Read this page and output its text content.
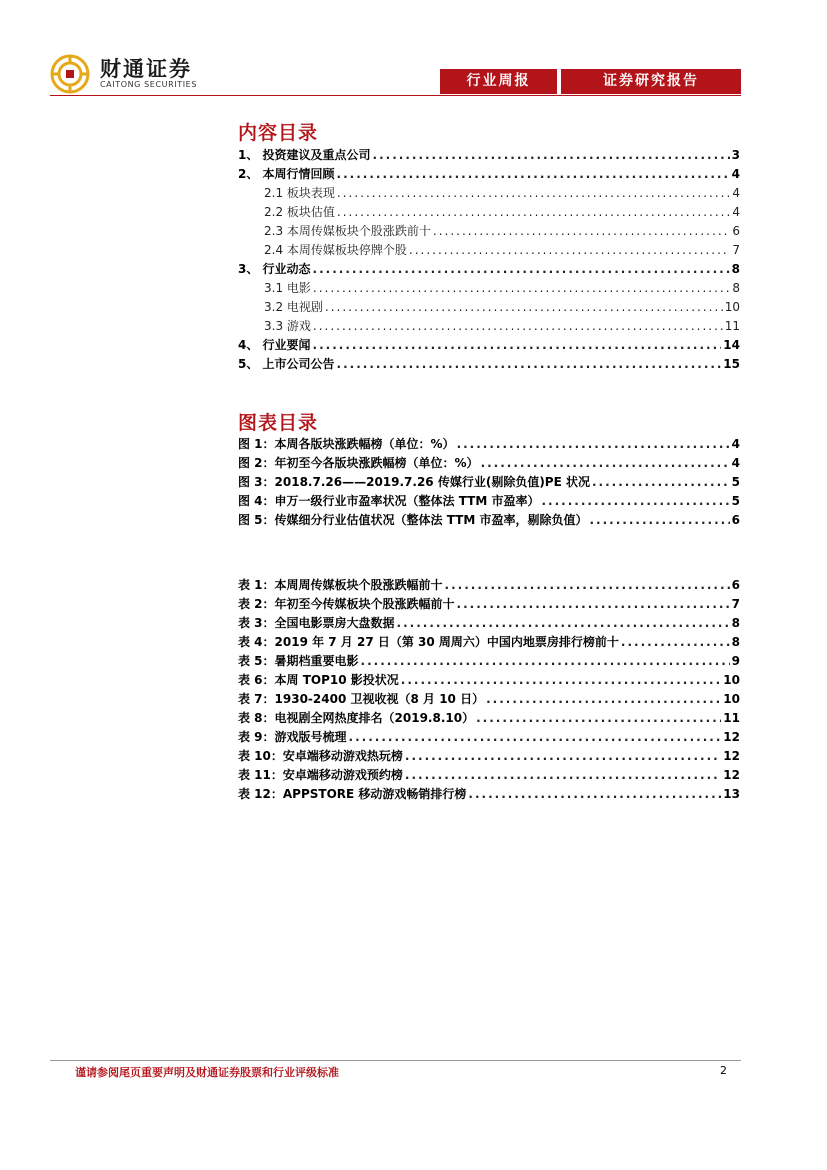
财通证券
CAITONG SECURITIES	行业周报	证券研究报告
内容目录
1、 投资建议及重点公司 .....	3
2、 本周行情回顾 .....	4
2.1 板块表现 .....	4
2.2 板块估值 .....	4
2.3 本周传媒板块个股涨跌前十 .....	6
2.4 本周传媒板块停牌个股 .....	7
3、 行业动态 .....	8
3.1 电影 .....	8
3.2 电视剧 .....	10
3.3 游戏 .....	11
4、 行业要闻 .....	14
5、 上市公司公告 .....	15
图表目录
图 1：本周各版块涨跌幅榜（单位：%） .....	4
图 2：年初至今各版块涨跌幅榜（单位：%） .....	4
图 3：2018.7.26——2019.7.26 传媒行业(剔除负值)PE 状况 .....	5
图 4：申万一级行业市盈率状况（整体法 TTM 市盈率） .....	5
图 5：传媒细分行业估值状况（整体法 TTM 市盈率，剔除负值） .....	6
表 1：本周周传媒板块个股涨跌幅前十 .....	6
表 2：年初至今传媒板块个股涨跌幅前十 .....	7
表 3：全国电影票房大盘数据 .....	8
表 4：2019 年 7 月 27 日（第 30 周周六）中国内地票房排行榜前十 .....	8
表 5：暑期档重要电影 .....	9
表 6：本周 TOP10 影投状况 .....	10
表 7：1930-2400 卫视收视（8 月 10 日） .....	10
表 8：电视剧全网热度排名（2019.8.10） .....	11
表 9：游戏版号梳理 .....	12
表 10：安卓端移动游戏热玩榜 .....	12
表 11：安卓端移动游戏预约榜 .....	12
表 12：APPSTORE 移动游戏畅销排行榜 .....	13
谨请参阅尾页重要声明及财通证券股票和行业评级标准	2
